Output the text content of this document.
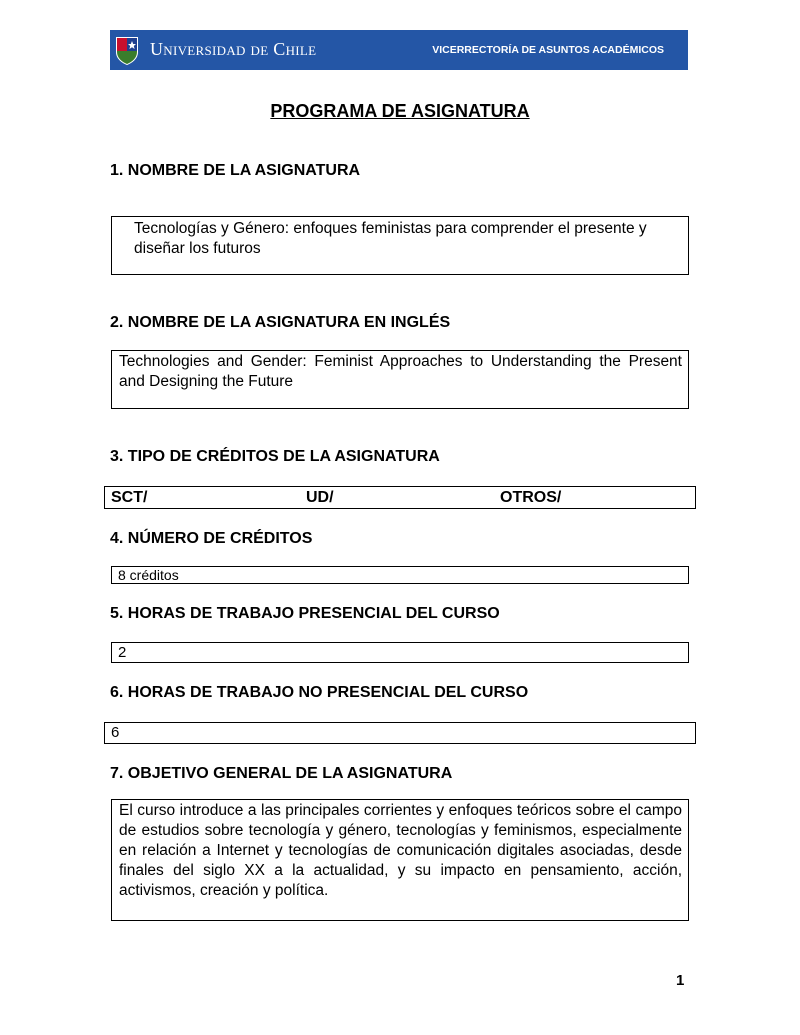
Universidad de Chile	VICERRECTORÍA DE ASUNTOS ACADÉMICOS
PROGRAMA DE ASIGNATURA
1. NOMBRE DE LA ASIGNATURA
Tecnologías y Género: enfoques feministas para comprender el presente y diseñar los futuros
2. NOMBRE DE LA ASIGNATURA EN INGLÉS
Technologies and Gender: Feminist Approaches to Understanding the Present and Designing the Future
3. TIPO DE CRÉDITOS DE LA ASIGNATURA
SCT/	UD/	OTROS/
4. NÚMERO DE CRÉDITOS
8 créditos
5. HORAS DE TRABAJO PRESENCIAL DEL CURSO
2
6. HORAS DE TRABAJO NO PRESENCIAL DEL CURSO
6
7. OBJETIVO GENERAL DE LA ASIGNATURA
El curso introduce a las principales corrientes y enfoques teóricos sobre el campo de estudios sobre tecnología y género, tecnologías y feminismos, especialmente en relación a Internet y tecnologías de comunicación digitales asociadas, desde finales del siglo XX a la actualidad, y su impacto en pensamiento, acción, activismos, creación y política.
1
